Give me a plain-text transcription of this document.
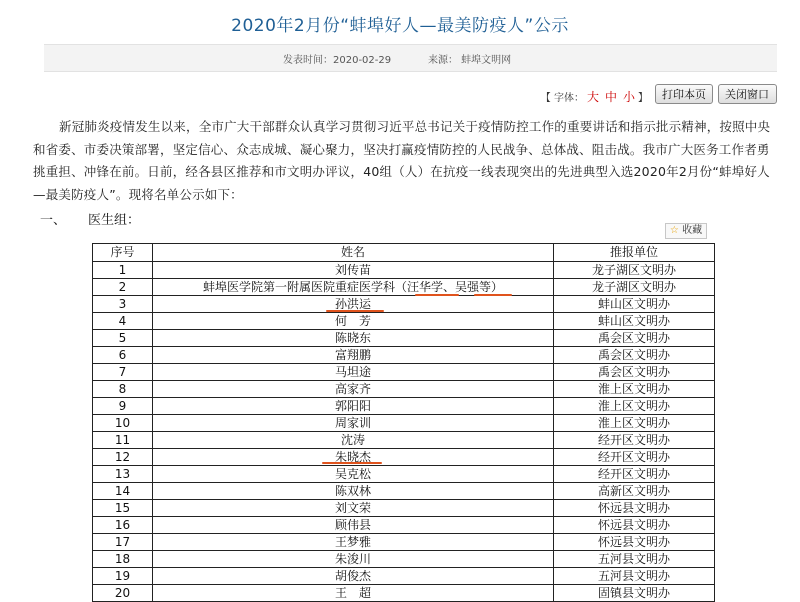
2020年2月份“蚌埠好人—最美防疫人”公示
发表时间：2020-02-29	来源： 蚌埠文明网
【 字体： 大 中 小 】	打印本页	关闭窗口
新冠肺炎疫情发生以来，全市广大干部群众认真学习贯彻习近平总书记关于疫情防控工作的重要讲话和指示批示精神，按照中央和省委、市委决策部署，坚定信心、众志成城、凝心聚力，坚决打赢疫情防控的人民战争、总体战、阻击战。我市广大医务工作者勇挑重担、冲锋在前。日前，经各县区推荐和市文明办评议，40组（人）在抗疫一线表现突出的先进典型入选2020年2月份“蚌埠好人—最美防疫人”。现将名单公示如下：
一、 医生组：
☆ 收藏
序号	姓名	推报单位
1	刘传苗	龙子湖区文明办
2	蚌埠医学院第一附属医院重症医学科（汪华学、吴强等）	龙子湖区文明办
3	孙洪运	蚌山区文明办
4	何　芳	蚌山区文明办
5	陈晓东	禹会区文明办
6	富翔鹏	禹会区文明办
7	马坦途	禹会区文明办
8	高家齐	淮上区文明办
9	郭阳阳	淮上区文明办
10	周家训	淮上区文明办
11	沈涛	经开区文明办
12	朱晓杰	经开区文明办
13	吴克松	经开区文明办
14	陈双林	高新区文明办
15	刘文荣	怀远县文明办
16	顾伟县	怀远县文明办
17	王梦雅	怀远县文明办
18	朱浚川	五河县文明办
19	胡俊杰	五河县文明办
20	王　超	固镇县文明办
